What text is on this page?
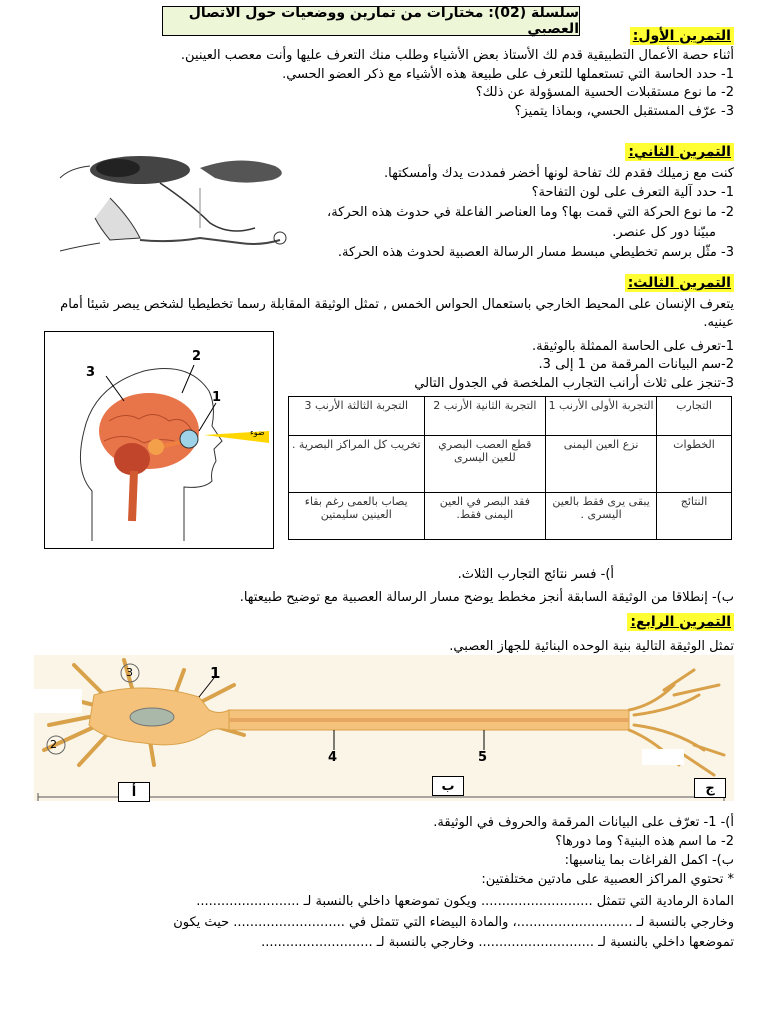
سلسلة (02): مختارات من تمارين ووضعيات حول الاتصال العصبي	التمرين الأول:
أثناء حصة الأعمال التطبيقية قدم لك الأستاذ بعض الأشياء وطلب منك التعرف عليها وأنت معصب العينين.
1- حدد الحاسة التي تستعملها للتعرف على طبيعة هذه الأشياء مع ذكر العضو الحسي.
2- ما نوع مستقبلات الحسية المسؤولة عن ذلك؟
3- عرّف المستقبل الحسي، وبماذا يتميز؟
التمرين الثاني:
كنت مع زميلك فقدم لك تفاحة لونها أخضر فمددت يدك وأمسكتها.
1- حدد آلية التعرف على لون التفاحة؟
2- ما نوع الحركة التي قمت بها؟ وما العناصر الفاعلة في حدوث هذه الحركة،
مبيّنا دور كل عنصر.
3- مثّل برسم تخطيطي مبسط مسار الرسالة العصبية لحدوث هذه الحركة.
التمرين الثالث:
يتعرف الإنسان على المحيط الخارجي باستعمال الحواس الخمس , تمثل الوثيقة المقابلة رسما تخطيطيا لشخص يبصر شيئا أمام عينيه.
1-تعرف على الحاسة الممثلة بالوثيقة.
2-سم البيانات المرقمة من 1 إلى 3.
3-تنجز على ثلاث أرانب التجارب الملخصة في الجدول التالي
3
2
1
ضوء
التجارب	التجربة الأولى الأرنب 1	التجربة الثانية الأرنب 2	التجربة الثالثة الأرنب 3
الخطوات	نزع العين اليمنى	قطع العصب البصري للعين اليسرى	تخريب كل المراكز البصرية .
النتائج	يبقى يرى فقط بالعين اليسرى .	فقد البصر في العين اليمنى فقط.	يصاب بالعمى رغم بقاء العينين سليمتين
أ)- فسر نتائج التجارب الثلاث.
ب)- إنطلاقا من الوثيقة السابقة أنجز مخطط يوضح مسار الرسالة العصبية مع توضيح طبيعتها.
التمرين الرابع:
تمثل الوثيقة التالية بنية الوحده البنائية للجهاز العصبي.
1
2
3
4	5
أ	ب	ج
أ)- 1- تعرّف على البيانات المرقمة والحروف في الوثيقة.
2- ما اسم هذه البنية؟ وما دورها؟
ب)- اكمل الفراغات بما يناسبها:
* تحتوي المراكز العصبية على مادتين مختلفتين:
المادة الرمادية التي تتمثل ........................... ويكون تموضعها داخلي بالنسبة لـ .........................
وخارجي بالنسبة لـ ............................، والمادة البيضاء التي تتمثل في ........................... حيث يكون
تموضعها داخلي بالنسبة لـ ............................ وخارجي بالنسبة لـ ...........................
